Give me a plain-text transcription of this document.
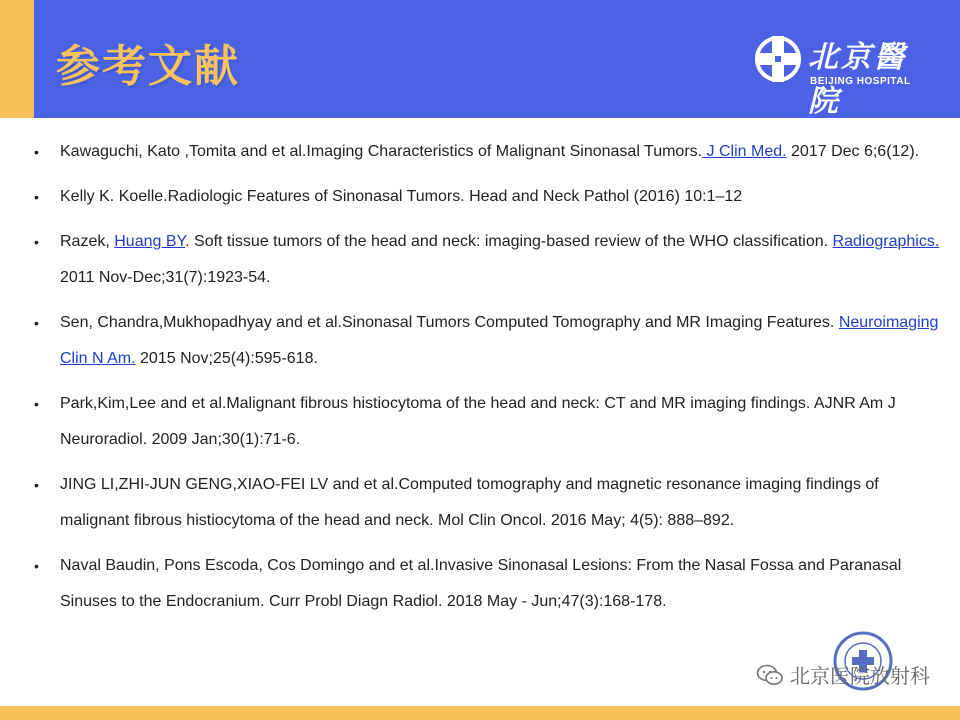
参考文献	北京醫院
BEIJING HOSPITAL
• Kawaguchi, Kato ,Tomita and et al.Imaging Characteristics of Malignant Sinonasal Tumors. J Clin Med. 2017 Dec 6;6(12).
• Kelly K. Koelle.Radiologic Features of Sinonasal Tumors. Head and Neck Pathol (2016) 10:1–12
• Razek, Huang BY. Soft tissue tumors of the head and neck: imaging-based review of the WHO classification. Radiographics. 2011 Nov-Dec;31(7):1923-54.
• Sen, Chandra,Mukhopadhyay and et al.Sinonasal Tumors Computed Tomography and MR Imaging Features. Neuroimaging Clin N Am. 2015 Nov;25(4):595-618.
• Park,Kim,Lee and et al.Malignant fibrous histiocytoma of the head and neck: CT and MR imaging findings. AJNR Am J Neuroradiol. 2009 Jan;30(1):71-6.
• JING LI,ZHI-JUN GENG,XIAO-FEI LV and et al.Computed tomography and magnetic resonance imaging findings of malignant fibrous histiocytoma of the head and neck. Mol Clin Oncol. 2016 May; 4(5): 888–892.
• Naval Baudin, Pons Escoda, Cos Domingo and et al.Invasive Sinonasal Lesions: From the Nasal Fossa and Paranasal Sinuses to the Endocranium. Curr Probl Diagn Radiol. 2018 May - Jun;47(3):168-178.
北京医院放射科
